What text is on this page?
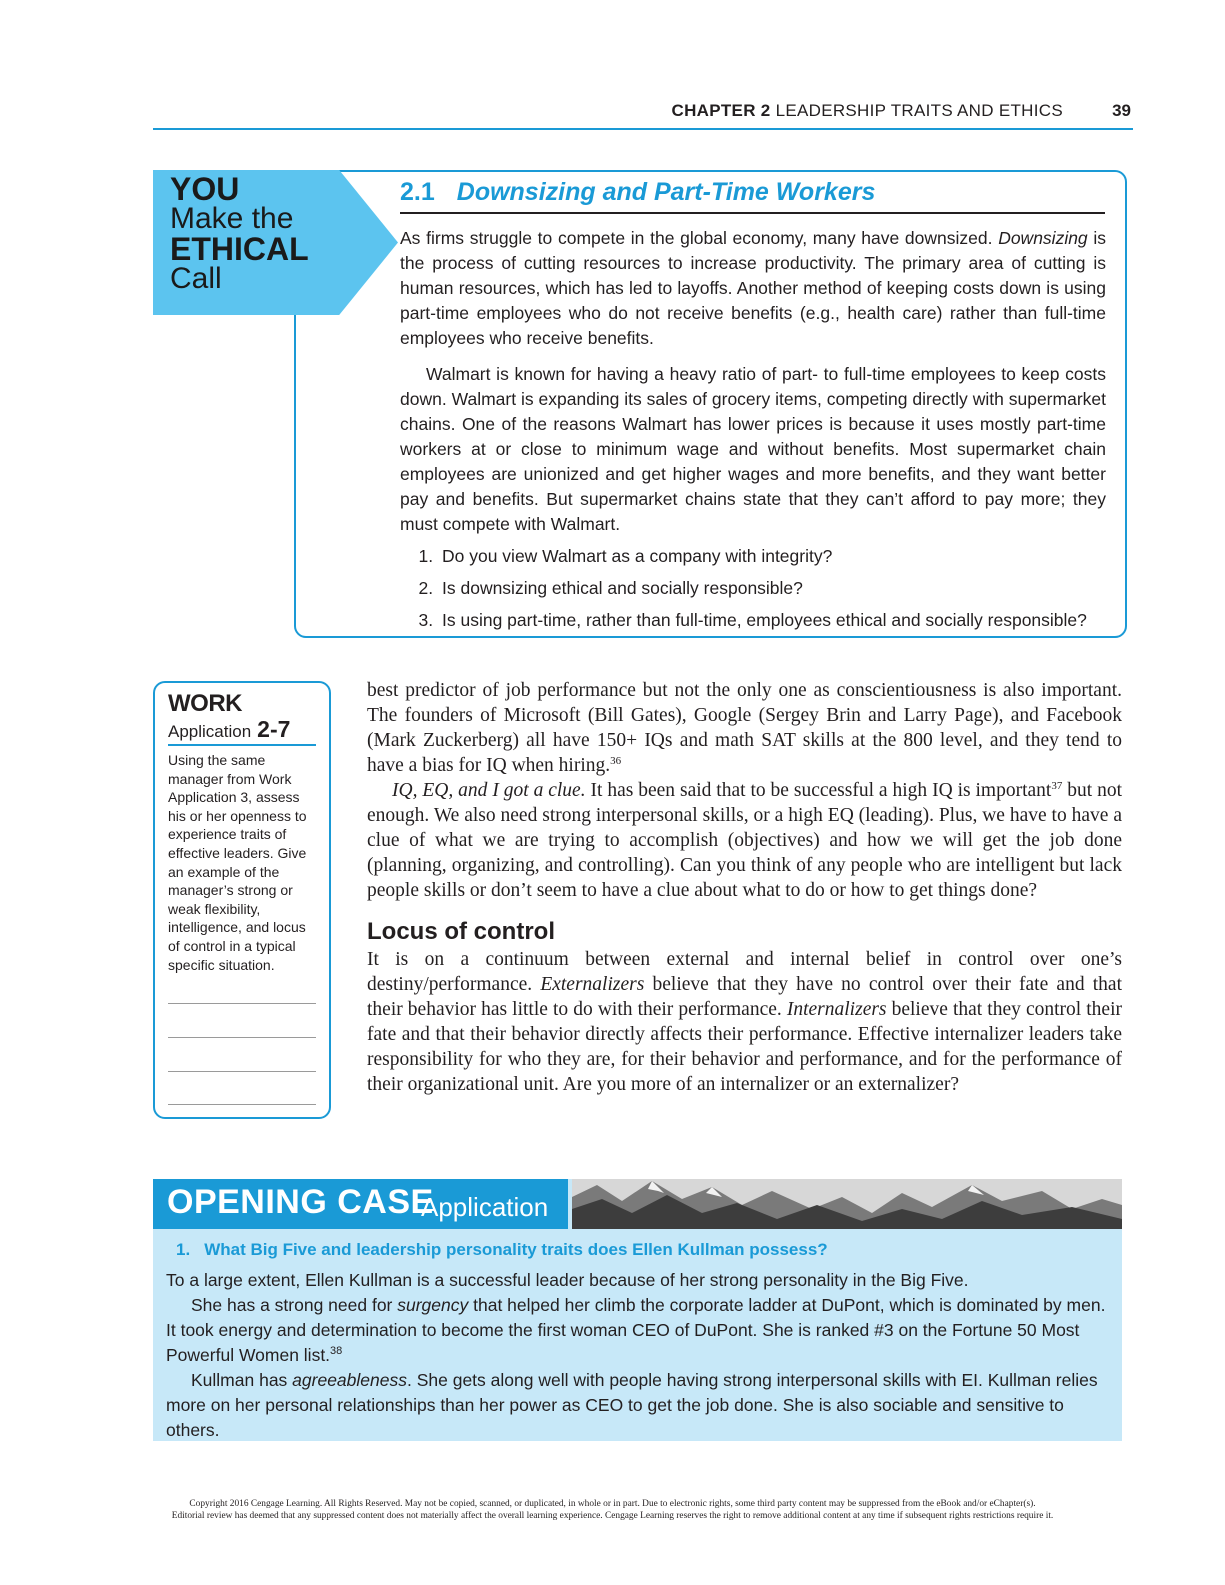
CHAPTER 2 LEADERSHIP TRAITS AND ETHICS	39
YOU
Make the
ETHICAL
Call
2.1 Downsizing and Part-Time Workers

As firms struggle to compete in the global economy, many have downsized. Downsizing is the process of cutting resources to increase productivity. The primary area of cutting is human resources, which has led to layoffs. Another method of keeping costs down is using part-time employees who do not receive benefits (e.g., health care) rather than full-time employees who receive benefits.

Walmart is known for having a heavy ratio of part- to full-time employees to keep costs down. Walmart is expanding its sales of grocery items, competing directly with supermarket chains. One of the reasons Walmart has lower prices is because it uses mostly part-time workers at or close to minimum wage and without benefits. Most supermarket chain employees are unionized and get higher wages and more benefits, and they want better pay and benefits. But supermarket chains state that they can’t afford to pay more; they must compete with Walmart.

1. Do you view Walmart as a company with integrity?
2. Is downsizing ethical and socially responsible?
3. Is using part-time, rather than full-time, employees ethical and socially responsible?
WORK
Application 2-7
Using the same manager from Work Application 3, assess his or her openness to experience traits of effective leaders. Give an example of the manager’s strong or weak flexibility, intelligence, and locus of control in a typical specific situation.

best predictor of job performance but not the only one as conscientiousness is also important. The founders of Microsoft (Bill Gates), Google (Sergey Brin and Larry Page), and Facebook (Mark Zuckerberg) all have 150+ IQs and math SAT skills at the 800 level, and they tend to have a bias for IQ when hiring.$^{36}$

IQ, EQ, and I got a clue. It has been said that to be successful a high IQ is important$^{37}$ but not enough. We also need strong interpersonal skills, or a high EQ (leading). Plus, we have to have a clue of what we are trying to accomplish (objectives) and how we will get the job done (planning, organizing, and controlling). Can you think of any people who are intelligent but lack people skills or don’t seem to have a clue about what to do or how to get things done?

Locus of control

It is on a continuum between external and internal belief in control over one’s destiny/performance. Externalizers believe that they have no control over their fate and that their behavior has little to do with their performance. Internalizers believe that they control their fate and that their behavior directly affects their performance. Effective internalizer leaders take responsibility for who they are, for their behavior and performance, and for the performance of their organizational unit. Are you more of an internalizer or an externalizer?

OPENING CASE
Application
1. What Big Five and leadership personality traits does Ellen Kullman possess?

To a large extent, Ellen Kullman is a successful leader because of her strong personality in the Big Five.

She has a strong need for surgency that helped her climb the corporate ladder at DuPont, which is dominated by men. It took energy and determination to become the first woman CEO of DuPont. She is ranked #3 on the Fortune 50 Most Powerful Women list.$^{38}$

Kullman has agreeableness. She gets along well with people having strong interpersonal skills with EI. Kullman relies more on her personal relationships than her power as CEO to get the job done. She is also sociable and sensitive to others.

Copyright 2016 Cengage Learning. All Rights Reserved. May not be copied, scanned, or duplicated, in whole or in part. Due to electronic rights, some third party content may be suppressed from the eBook and/or eChapter(s).
Editorial review has deemed that any suppressed content does not materially affect the overall learning experience. Cengage Learning reserves the right to remove additional content at any time if subsequent rights restrictions require it.
